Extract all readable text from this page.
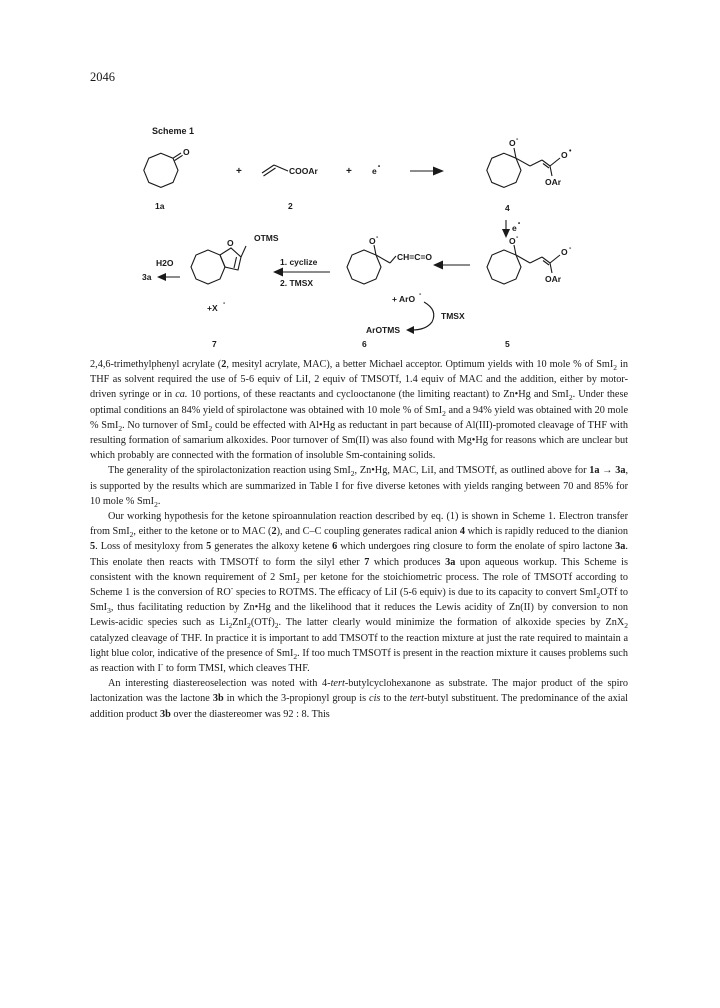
2046
Scheme 1
O
+	COOAr	+ e •
O -
O •
OAr
1a	2	4
e •
OTMS
O
H2O
3a
+X -
1. cyclize
2. TMSX
O -
CH=C=O
+ ArO -
TMSX
ArOTMS
O -
O -
OAr
7	6	5

2,4,6-trimethylphenyl acrylate (2, mesityl acrylate, MAC), a better Michael acceptor. Optimum yields with 10 mole % of SmI$_2$ in THF as solvent required the use of 5-6 equiv of LiI, 2 equiv of TMSOTf, 1.4 equiv of MAC and the addition, either by motor-driven syringe or in ca. 10 portions, of these reactants and cyclooctanone (the limiting reactant) to Zn•Hg and SmI$_2$. Under these optimal conditions an 84% yield of spirolactone was obtained with 10 mole % of SmI$_2$ and a 94% yield was obtained with 20 mole % SmI$_2$. No turnover of SmI$_2$ could be effected with Al•Hg as reductant in part because of Al(III)-promoted cleavage of THF with resulting formation of samarium alkoxides. Poor turnover of Sm(II) was also found with Mg•Hg for reasons which are unclear but which probably are connected with the formation of insoluble Sm-containing solids.

The generality of the spirolactonization reaction using SmI$_2$, Zn•Hg, MAC, LiI, and TMSOTf, as outlined above for 1a → 3a, is supported by the results which are summarized in Table I for five diverse ketones with yields ranging between 70 and 85% for 10 mole % SmI$_2$.

Our working hypothesis for the ketone spiroannulation reaction described by eq. (1) is shown in Scheme 1. Electron transfer from SmI$_2$, either to the ketone or to MAC (2), and C–C coupling generates radical anion 4 which is rapidly reduced to the dianion 5. Loss of mesityloxy from 5 generates the alkoxy ketene 6 which undergoes ring closure to form the enolate of spiro lactone 3a. This enolate then reacts with TMSOTf to form the silyl ether 7 which produces 3a upon aqueous workup. This Scheme is consistent with the known requirement of 2 SmI$_2$ per ketone for the stoichiometric process. The role of TMSOTf according to Scheme 1 is the conversion of RO- species to ROTMS. The efficacy of LiI (5-6 equiv) is due to its capacity to convert SmI$_2$OTf to SmI$_3$, thus facilitating reduction by Zn•Hg and the likelihood that it reduces the Lewis acidity of Zn(II) by conversion to non Lewis-acidic species such as $Li_2ZnI_2(OTf)_2$. The latter clearly would minimize the formation of alkoxide species by ZnX$_2$ catalyzed cleavage of THF. In practice it is important to add TMSOTf to the reaction mixture at just the rate required to maintain a light blue color, indicative of the presence of SmI$_2$. If too much TMSOTf is present in the reaction mixture it causes problems such as reaction with I- to form TMSI, which cleaves THF.

An interesting diastereoselection was noted with 4-tert-butylcyclohexanone as substrate. The major product of the spiro lactonization was the lactone 3b in which the 3-propionyl group is cis to the tert-butyl substituent. The predominance of the axial addition product 3b over the diastereomer was 92 : 8. This
